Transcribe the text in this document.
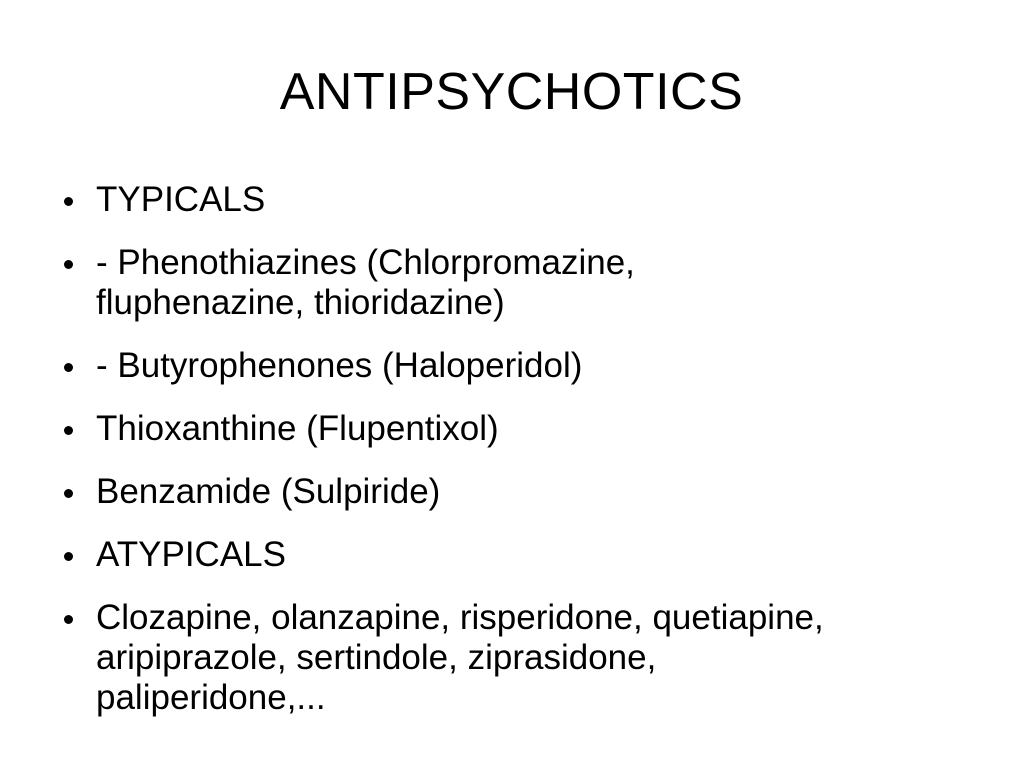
ANTIPSYCHOTICS
TYPICALS
- Phenothiazines (Chlorpromazine,
fluphenazine, thioridazine)
- Butyrophenones (Haloperidol)
Thioxanthine (Flupentixol)
Benzamide (Sulpiride)
ATYPICALS
Clozapine, olanzapine, risperidone, quetiapine,
aripiprazole, sertindole, ziprasidone,
paliperidone,...
